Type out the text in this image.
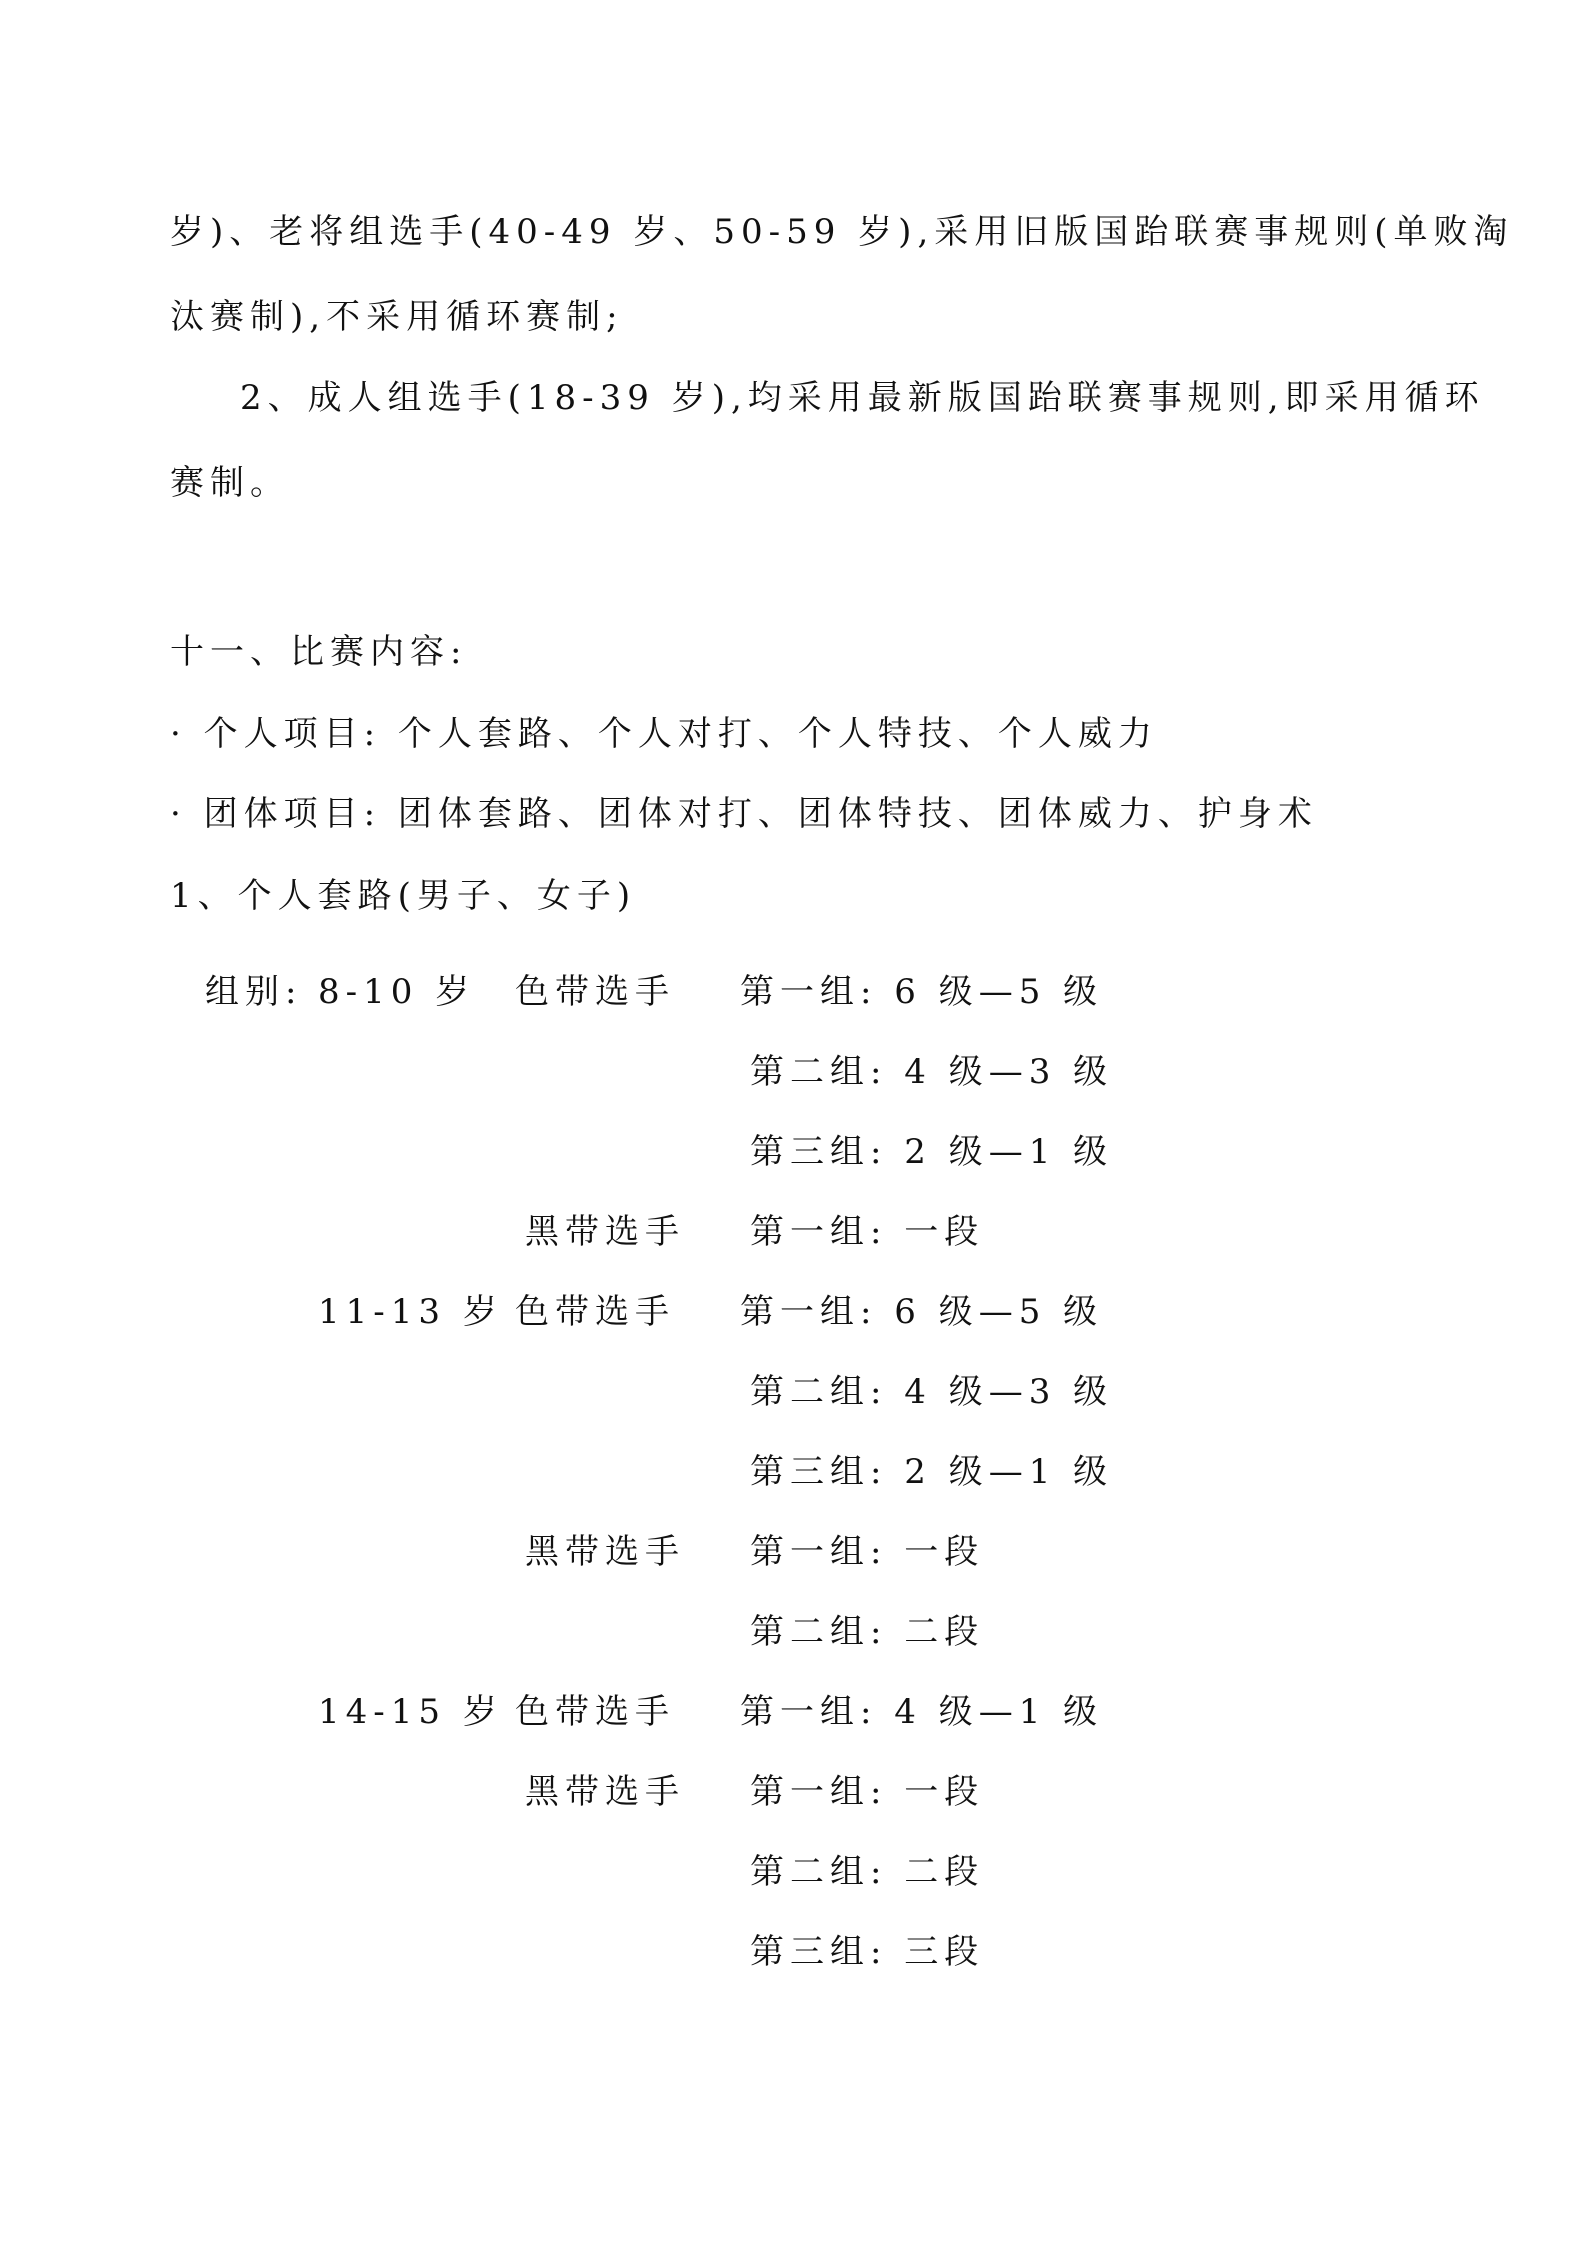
岁)、老将组选手(40-49 岁、50-59 岁),采用旧版国跆联赛事规则(单败淘
汰赛制),不采用循环赛制;
2、成人组选手(18-39 岁),均采用最新版国跆联赛事规则,即采用循环
赛制。
十一、比赛内容:
· 个人项目: 个人套路、个人对打、个人特技、个人威力
· 团体项目: 团体套路、团体对打、团体特技、团体威力、护身术
1、个人套路(男子、女子)
组别: 8-10 岁 色带选手 第一组: 6 级—5 级
第二组: 4 级—3 级
第三组: 2 级—1 级
黑带选手 第一组: 一段
11-13 岁 色带选手 第一组: 6 级—5 级
第二组: 4 级—3 级
第三组: 2 级—1 级
黑带选手 第一组: 一段
第二组: 二段
14-15 岁 色带选手 第一组: 4 级—1 级
黑带选手 第一组: 一段
第二组: 二段
第三组: 三段
